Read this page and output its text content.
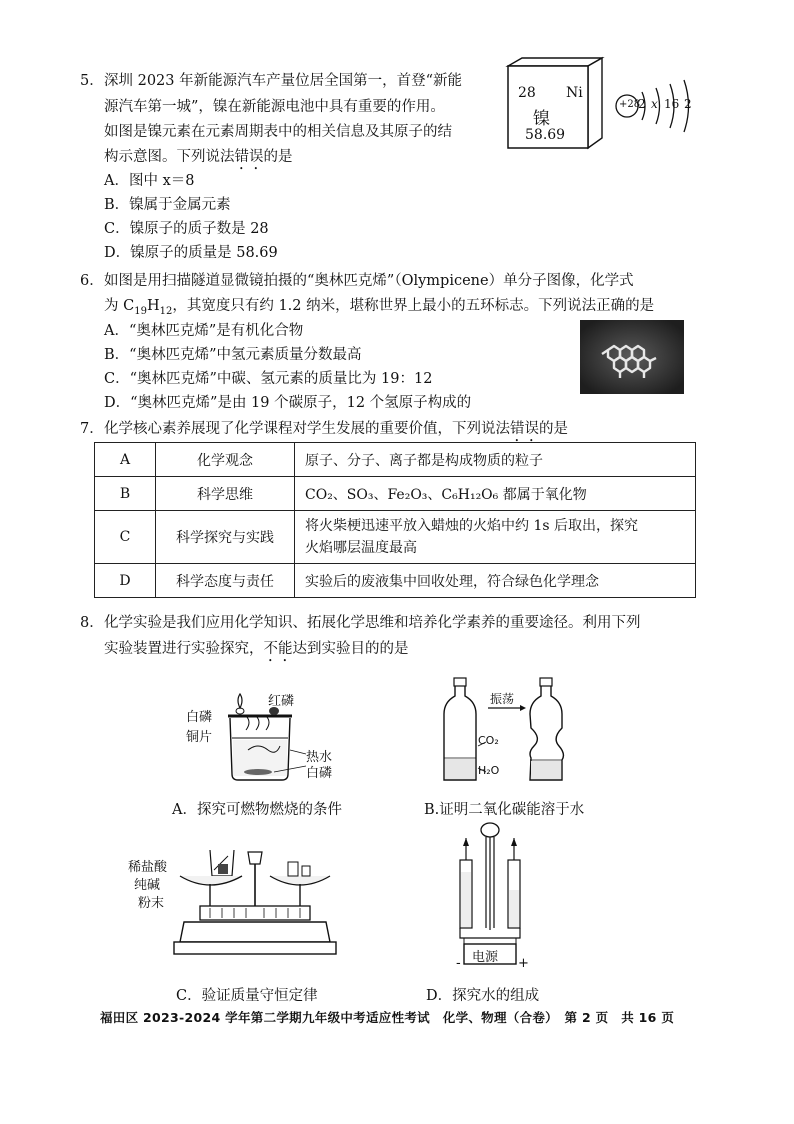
5． 深圳 2023 年新能源汽车产量位居全国第一，首登“新能
源汽车第一城”，镍在新能源电池中具有重要的作用。
如图是镍元素在元素周期表中的相关信息及其原子的结
构示意图。下列说法错误的是
A．图中 x＝8
B．镍属于金属元素
C．镍原子的质子数是 28
D．镍原子的质量是 58.69
28 Ni
镍
58.69
+28
2 x 16 2
6． 如图是用扫描隧道显微镜拍摄的“奥林匹克烯”（Olympicene）单分子图像，化学式
为 $C_{19}H_{12}$，其宽度只有约 1.2 纳米，堪称世界上最小的五环标志。下列说法正确的是
A．“奥林匹克烯”是有机化合物
B．“奥林匹克烯”中氢元素质量分数最高
C．“奥林匹克烯”中碳、氢元素的质量比为 19：12
D．“奥林匹克烯”是由 19 个碳原子，12 个氢原子构成的
7． 化学核心素养展现了化学课程对学生发展的重要价值，下列说法错误的是
A	化学观念	原子、分子、离子都是构成物质的粒子
B	科学思维	CO₂、SO₃、Fe₂O₃、C₆H₁₂O₆ 都属于氧化物
C	科学探究与实践	将火柴梗迅速平放入蜡烛的火焰中约 1s 后取出，探究
火焰哪层温度最高

D	科学态度与责任	实验后的废液集中回收处理，符合绿色化学理念
8． 化学实验是我们应用化学知识、拓展化学思维和培养化学素养的重要途径。利用下列
实验装置进行实验探究，不能达到实验目的的是
红磷
白磷
铜片
热水
白磷
A．探究可燃物燃烧的条件
振荡
CO₂
H₂O
B.证明二氧化碳能溶于水
稀盐酸
纯碱
粉末
C．验证质量守恒定律
电源
-	+
D．探究水的组成
福田区 2023-2024 学年第二学期九年级中考适应性考试　化学、物理（合卷）　第 2 页　共 16 页
